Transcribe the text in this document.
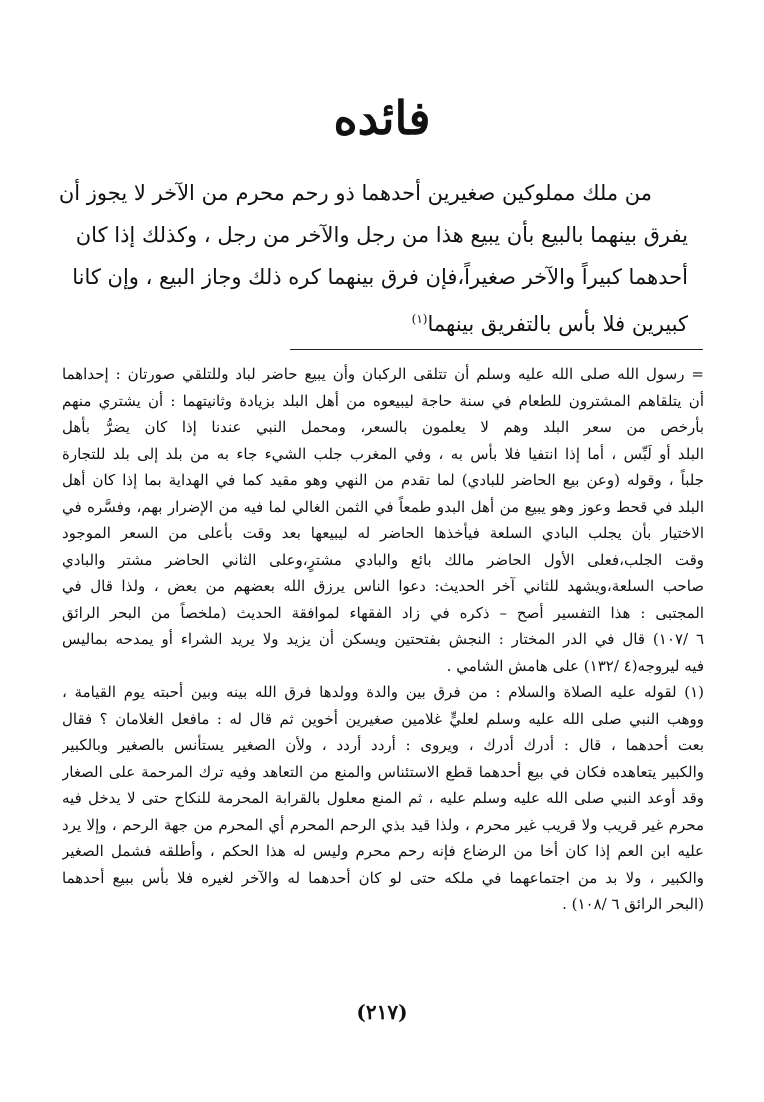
فائده
من ملك مملوكين صغيرين أحدهما ذو رحم محرم من الآخر لا يجوز أن
يفرق بينهما بالبيع بأن يبيع هذا من رجل والآخر من رجل ، وكذلك إذا كان
أحدهما كبيراً والآخر صغيراً،فإن فرق بينهما كره ذلك وجاز البيع ، وإن كانا
كبيرين فلا بأس بالتفريق بينهما$^{(١)}$
= رسول الله صلى الله عليه وسلم أن تتلقى الركبان وأن يبيع حاضر لباد وللتلقي صورتان : إحداهما
أن يتلقاهم المشترون للطعام في سنة حاجة ليبيعوه من أهل البلد بزيادة وثانيتهما : أن يشتري منهم
بأرخص من سعر البلد وهم لا يعلمون بالسعر، ومحمل النبي عندنا إذا كان يضرُّ بأهل
البلد أو لَبِّس ، أما إذا انتفيا فلا بأس به ، وفي المغرب جلب الشيء جاء به من بلد إلى بلد للتجارة
جلباً ، وقوله (وعن بيع الحاضر للبادي) لما تقدم من النهي وهو مقيد كما في الهداية بما إذا كان أهل
البلد في قحط وعوز وهو يبيع من أهل البدو طمعاً في الثمن الغالي لما فيه من الإضرار بهم، وفسَّره في
الاختيار بأن يجلب البادي السلعة فيأخذها الحاضر له ليبيعها بعد وقت بأعلى من السعر الموجود
وقت الجلب،فعلى الأول الحاضر مالك بائع والبادي مشترٍ،وعلى الثاني الحاضر مشتر والبادي
صاحب السلعة،ويشهد للثاني آخر الحديث: دعوا الناس يرزق الله بعضهم من بعض ، ولذا قال في
المجتبى : هذا التفسير أصح – ذكره في زاد الفقهاء لموافقة الحديث (ملخصاً من البحر الرائق
٦ /١٠٧) قال في الدر المختار : النجش بفتحتين ويسكن أن يزيد ولا يريد الشراء أو يمدحه بماليس
فيه ليروجه(٤ /١٣٢) على هامش الشامي .
(١) لقوله عليه الصلاة والسلام : من فرق بين والدة وولدها فرق الله بينه وبين أحبته يوم القيامة ،
ووهب النبي صلى الله عليه وسلم لعليٍّ غلامين صغيرين أخوين ثم قال له : مافعل الغلامان ؟ فقال
بعت أحدهما ، قال : أدرك أدرك ، ويروى : أردد أردد ، ولأن الصغير يستأنس بالصغير وبالكبير
والكبير يتعاهده فكان في بيع أحدهما قطع الاستئناس والمنع من التعاهد وفيه ترك المرحمة على الصغار
وقد أوعد النبي صلى الله عليه وسلم عليه ، ثم المنع معلول بالقرابة المحرمة للنكاح حتى لا يدخل فيه
محرم غير قريب ولا قريب غير محرم ، ولذا قيد بذي الرحم المحرم أي المحرم من جهة الرحم ، وإلا يرد
عليه ابن العم إذا كان أخا من الرضاع فإنه رحم محرم وليس له هذا الحكم ، وأطلقه فشمل الصغير
والكبير ، ولا بد من اجتماعهما في ملكه حتى لو كان أحدهما له والآخر لغيره فلا بأس ببيع أحدهما
(البحر الرائق ٦ /١٠٨) .
(٢١٧)
